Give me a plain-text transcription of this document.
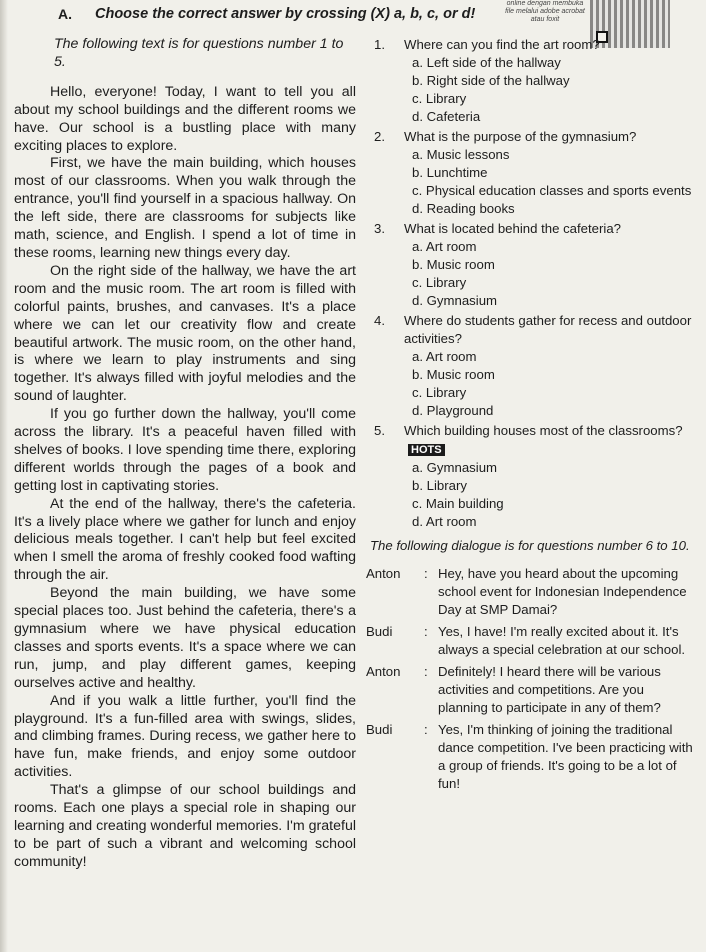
A. Choose the correct answer by crossing (X) a, b, c, or d!
online dengan membuka file melalui adobe acrobat atau foxit
The following text is for questions number 1 to 5.

Hello, everyone! Today, I want to tell you all about my school buildings and the different rooms we have. Our school is a bustling place with many exciting places to explore.

First, we have the main building, which houses most of our classrooms. When you walk through the entrance, you'll find yourself in a spacious hallway. On the left side, there are classrooms for subjects like math, science, and English. I spend a lot of time in these rooms, learning new things every day.

On the right side of the hallway, we have the art room and the music room. The art room is filled with colorful paints, brushes, and canvases. It's a place where we can let our creativity flow and create beautiful artwork. The music room, on the other hand, is where we learn to play instruments and sing together. It's always filled with joyful melodies and the sound of laughter.

If you go further down the hallway, you'll come across the library. It's a peaceful haven filled with shelves of books. I love spending time there, exploring different worlds through the pages of a book and getting lost in captivating stories.

At the end of the hallway, there's the cafeteria. It's a lively place where we gather for lunch and enjoy delicious meals together. I can't help but feel excited when I smell the aroma of freshly cooked food wafting through the air.

Beyond the main building, we have some special places too. Just behind the cafeteria, there's a gymnasium where we have physical education classes and sports events. It's a space where we can run, jump, and play different games, keeping ourselves active and healthy.

And if you walk a little further, you'll find the playground. It's a fun-filled area with swings, slides, and climbing frames. During recess, we gather here to have fun, make friends, and enjoy some outdoor activities.

That's a glimpse of our school buildings and rooms. Each one plays a special role in shaping our learning and creating wonderful memories. I'm grateful to be part of such a vibrant and welcoming school community!

1.	Where can you find the art room?
a. Left side of the hallway
b. Right side of the hallway
c. Library
d. Cafeteria
2.	What is the purpose of the gymnasium?
a. Music lessons
b. Lunchtime
c. Physical education classes and sports events
d. Reading books
3.	What is located behind the cafeteria?
a. Art room
b. Music room
c. Library
d. Gymnasium
4.	Where do students gather for recess and outdoor activities?
a. Art room
b. Music room
c. Library
d. Playground
5.	Which building houses most of the classrooms?HOTS
a. Gymnasium
b. Library
c. Main building
d. Art room
The following dialogue is for questions number 6 to 10.
Anton	: Hey, have you heard about the upcoming school event for Indonesian Independence Day at SMP Damai?
Budi	: Yes, I have! I'm really excited about it. It's always a special celebration at our school.
Anton	: Definitely! I heard there will be various activities and competitions. Are you planning to participate in any of them?
Budi	: Yes, I'm thinking of joining the traditional dance competition. I've been practicing with a group of friends. It's going to be a lot of fun!
